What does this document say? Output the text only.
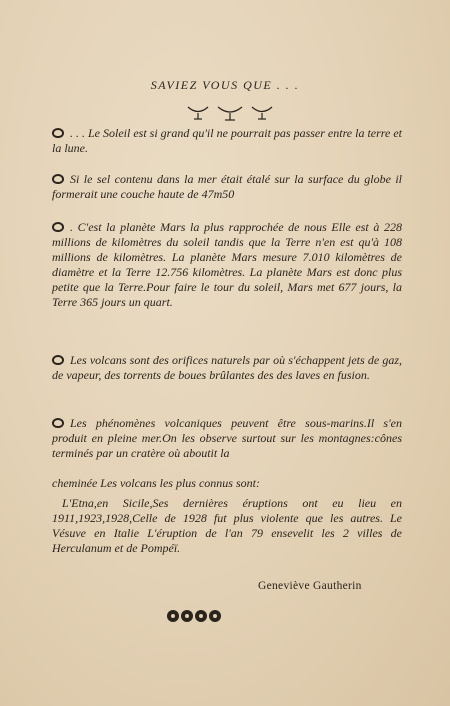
SAVIEZ VOUS QUE . . .

. . . Le Soleil est si grand qu'il ne pourrait pas passer entre la terre et la lune.

Si le sel contenu dans la mer était étalé sur la surface du globe il formerait une couche haute de 47m50

. C'est la planète Mars la plus rapprochée de nous Elle est à 228 millions de kilomètres du soleil tandis que la Terre n'en est qu'à 108 millions de kilomètres. La planète Mars mesure 7.010 kilomètres de diamètre et la Terre 12.756 kilomètres. La planète Mars est donc plus petite que la Terre.Pour faire le tour du soleil, Mars met 677 jours, la Terre 365 jours un quart.

Les volcans sont des orifices naturels par où s'échappent jets de gaz, de vapeur, des torrents de boues brûlantes des des laves en fusion.

Les phénomènes volcaniques peuvent être sous-marins.Il s'en produit en pleine mer.On les observe surtout sur les montagnes:cônes terminés par un cratère où aboutit la

cheminée Les volcans les plus connus sont:

L'Etna,en Sicile,Ses dernières éruptions ont eu lieu en 1911,1923,1928,Celle de 1928 fut plus violente que les autres. Le Vésuve en Italie L'éruption de l'an 79 ensevelit les 2 villes de Herculanum et de Pompéï.

Geneviève Gautherin
